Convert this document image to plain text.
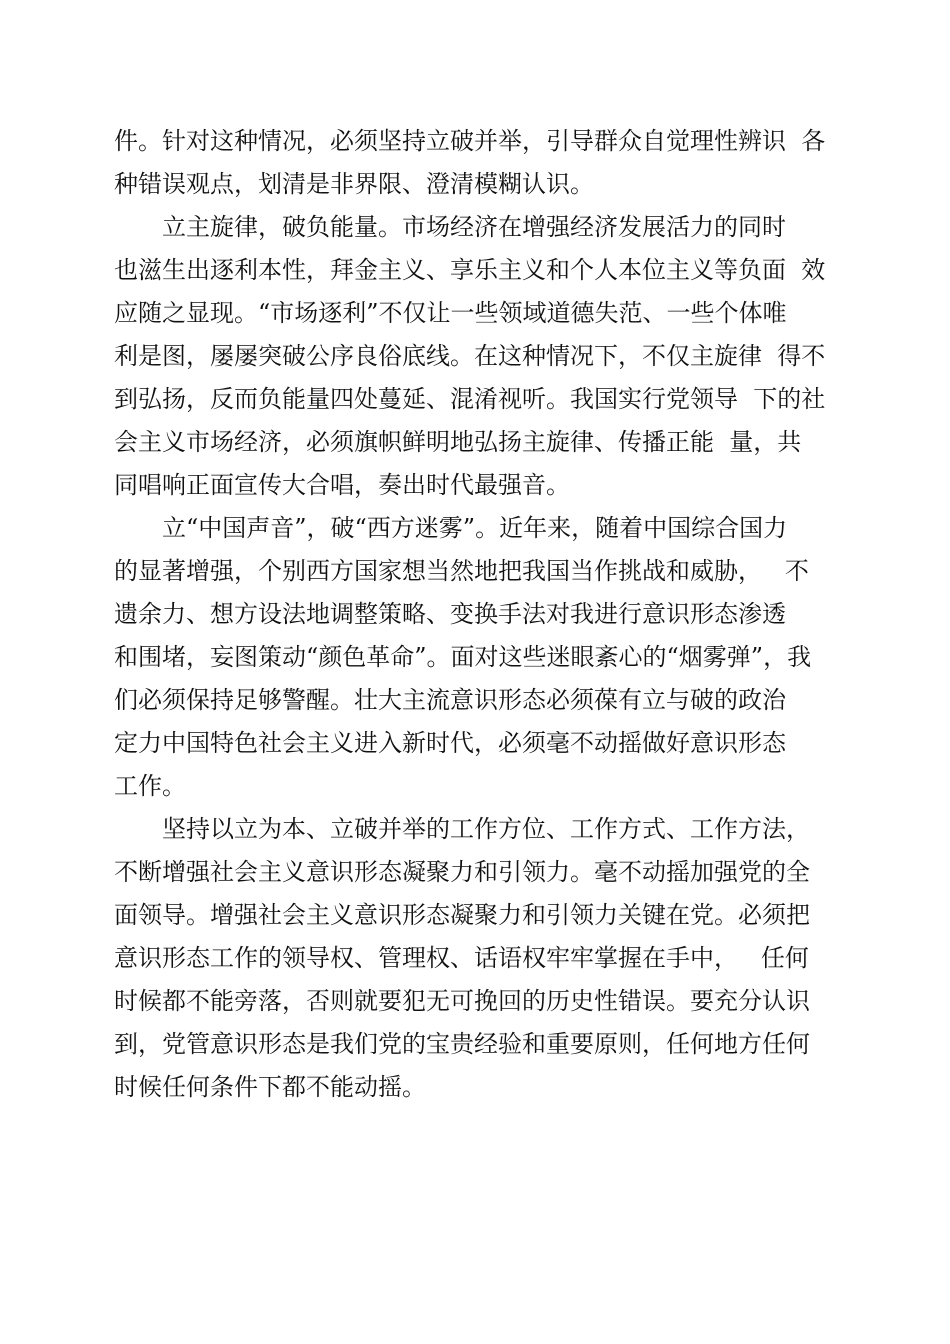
件。针对这种情况，必须坚持立破并举，引导群众自觉理性辨识  各

种错误观点，划清是非界限、澄清模糊认识。

　　立主旋律，破负能量。市场经济在增强经济发展活力的同时

也滋生出逐利本性，拜金主义、享乐主义和个人本位主义等负面  效

应随之显现。“市场逐利”不仅让一些领域道德失范、一些个体唯

利是图，屡屡突破公序良俗底线。在这种情况下，不仅主旋律  得不

到弘扬，反而负能量四处蔓延、混淆视听。我国实行党领导  下的社

会主义市场经济，必须旗帜鲜明地弘扬主旋律、传播正能  量，共

同唱响正面宣传大合唱，奏出时代最强音。

　　立“中国声音”，破“西方迷雾”。近年来，随着中国综合国力

的显著增强，个别西方国家想当然地把我国当作挑战和威胁，   不

遗余力、想方设法地调整策略、变换手法对我进行意识形态渗透

和围堵，妄图策动“颜色革命”。面对这些迷眼紊心的“烟雾弹”，我

们必须保持足够警醒。壮大主流意识形态必须葆有立与破的政治

定力中国特色社会主义进入新时代，必须毫不动摇做好意识形态

工作。

　　坚持以立为本、立破并举的工作方位、工作方式、工作方法，

不断增强社会主义意识形态凝聚力和引领力。毫不动摇加强党的全

面领导。增强社会主义意识形态凝聚力和引领力关键在党。必须把

意识形态工作的领导权、管理权、话语权牢牢掌握在手中，   任何

时候都不能旁落，否则就要犯无可挽回的历史性错误。要充分认识

到，党管意识形态是我们党的宝贵经验和重要原则，任何地方任何

时候任何条件下都不能动摇。
